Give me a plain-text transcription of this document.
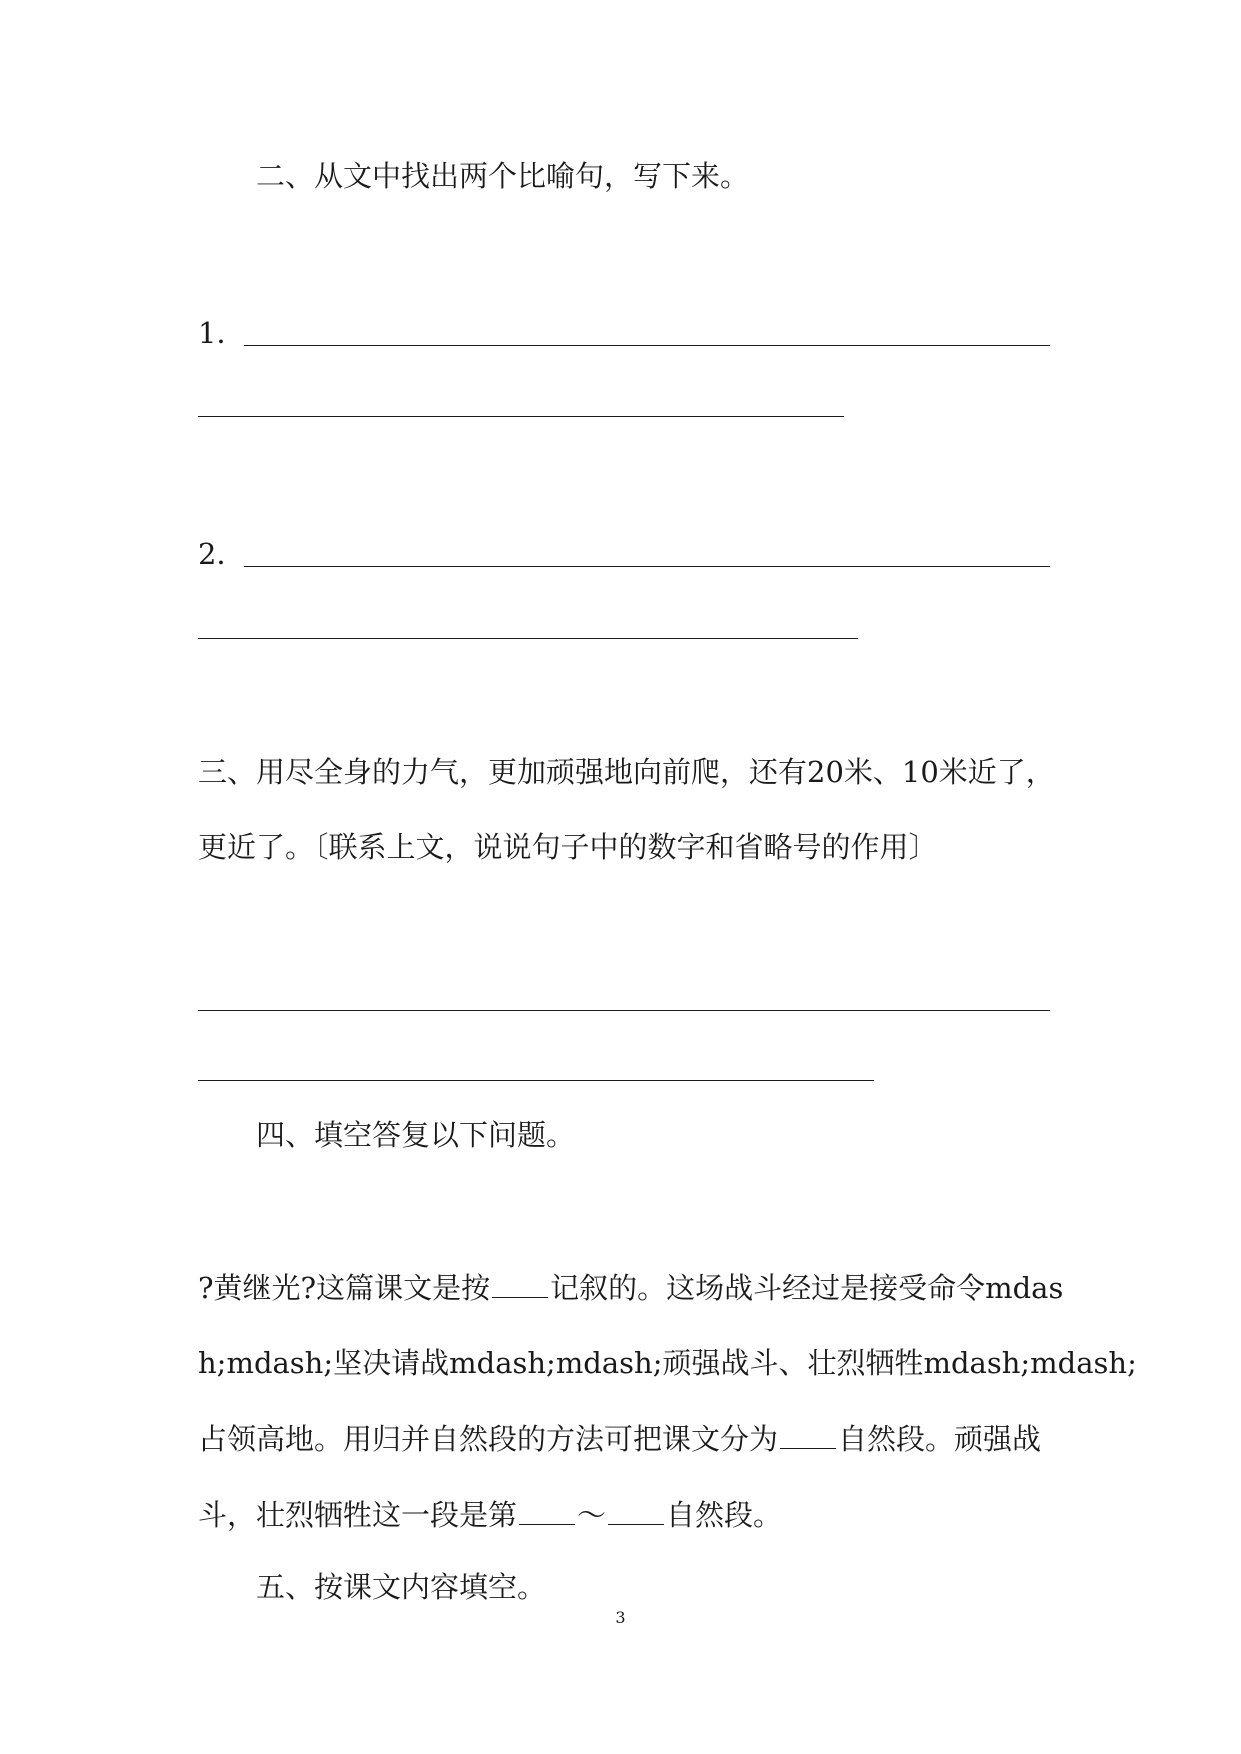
二、从文中找出两个比喻句，写下来。
1．
2．
三、用尽全身的力气，更加顽强地向前爬，还有20米、10米近了，
更近了。〔联系上文，说说句子中的数字和省略号的作用〕
四、填空答复以下问题。
?黄继光?这篇课文是按 记叙的。这场战斗经过是接受命令mdas
h;mdash;坚决请战mdash;mdash;顽强战斗、壮烈牺牲mdash;mdash;
占领高地。用归并自然段的方法可把课文分为 自然段。顽强战
斗，壮烈牺牲这一段是第 ～ 自然段。
五、按课文内容填空。
3
